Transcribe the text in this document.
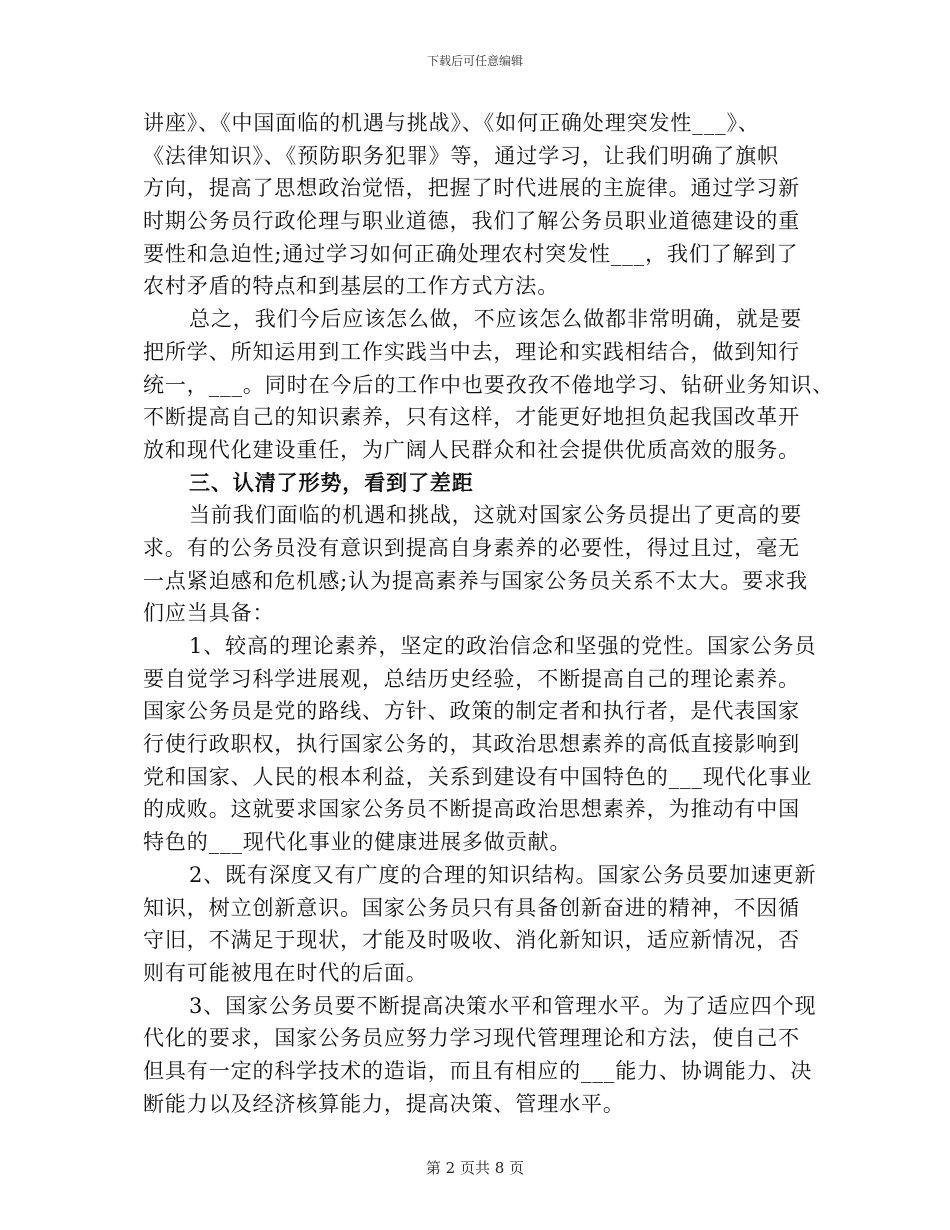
下载后可任意编辑
讲座》、《中国面临的机遇与挑战》、《如何正确处理突发性___》、
《法律知识》、《预防职务犯罪》等，通过学习，让我们明确了旗帜
方向，提高了思想政治觉悟，把握了时代进展的主旋律。通过学习新
时期公务员行政伦理与职业道德，我们了解公务员职业道德建设的重
要性和急迫性;通过学习如何正确处理农村突发性___，我们了解到了
农村矛盾的特点和到基层的工作方式方法。
总之，我们今后应该怎么做，不应该怎么做都非常明确，就是要
把所学、所知运用到工作实践当中去，理论和实践相结合，做到知行
统一，___。同时在今后的工作中也要孜孜不倦地学习、钻研业务知识、
不断提高自己的知识素养，只有这样，才能更好地担负起我国改革开
放和现代化建设重任，为广阔人民群众和社会提供优质高效的服务。
三、认清了形势，看到了差距
当前我们面临的机遇和挑战，这就对国家公务员提出了更高的要
求。有的公务员没有意识到提高自身素养的必要性，得过且过，毫无
一点紧迫感和危机感;认为提高素养与国家公务员关系不太大。要求我
们应当具备：
1、较高的理论素养，坚定的政治信念和坚强的党性。国家公务员
要自觉学习科学进展观，总结历史经验，不断提高自己的理论素养。
国家公务员是党的路线、方针、政策的制定者和执行者，是代表国家
行使行政职权，执行国家公务的，其政治思想素养的高低直接影响到
党和国家、人民的根本利益，关系到建设有中国特色的___现代化事业
的成败。这就要求国家公务员不断提高政治思想素养，为推动有中国
特色的___现代化事业的健康进展多做贡献。
2、既有深度又有广度的合理的知识结构。国家公务员要加速更新
知识，树立创新意识。国家公务员只有具备创新奋进的精神，不因循
守旧，不满足于现状，才能及时吸收、消化新知识，适应新情况，否
则有可能被甩在时代的后面。
3、国家公务员要不断提高决策水平和管理水平。为了适应四个现
代化的要求，国家公务员应努力学习现代管理理论和方法，使自己不
但具有一定的科学技术的造诣，而且有相应的___能力、协调能力、决
断能力以及经济核算能力，提高决策、管理水平。
第 2 页共 8 页
